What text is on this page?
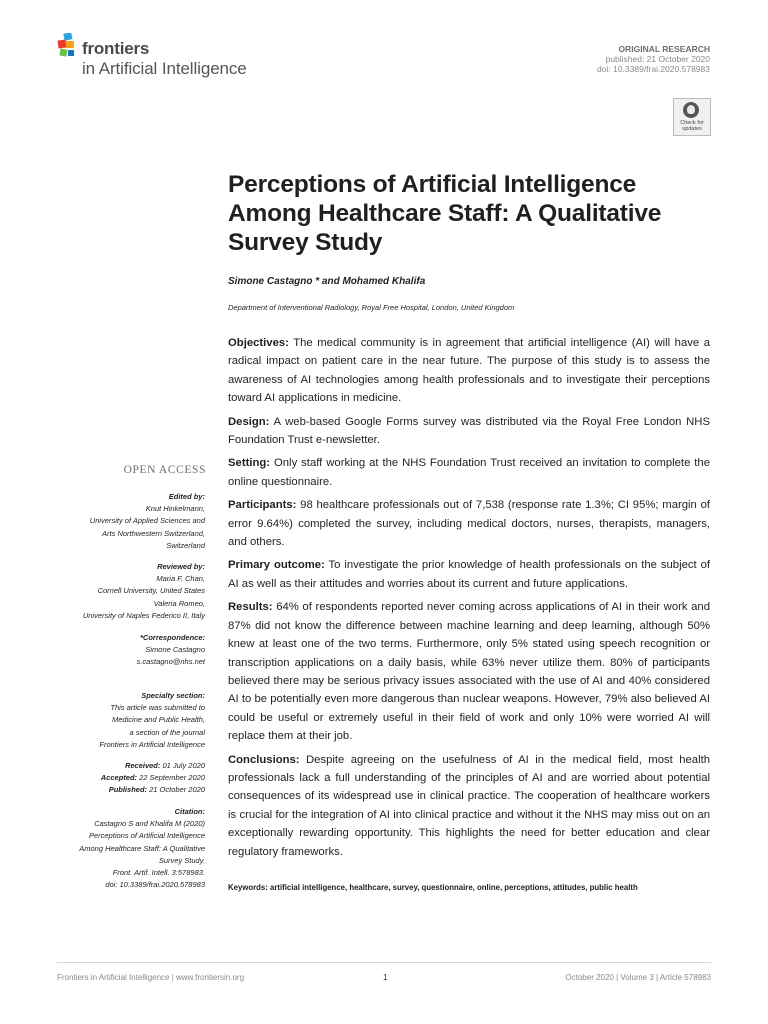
frontiers
in Artificial Intelligence
ORIGINAL RESEARCH
published: 21 October 2020
doi: 10.3389/frai.2020.578983
Check for
updates
Perceptions of Artificial Intelligence Among Healthcare Staff: A Qualitative Survey Study
Simone Castagno * and Mohamed Khalifa
Department of Interventional Radiology, Royal Free Hospital, London, United Kingdom

Objectives: The medical community is in agreement that artificial intelligence (AI) will have a radical impact on patient care in the near future. The purpose of this study is to assess the awareness of AI technologies among health professionals and to investigate their perceptions toward AI applications in medicine.

Design: A web-based Google Forms survey was distributed via the Royal Free London NHS Foundation Trust e-newsletter.

Setting: Only staff working at the NHS Foundation Trust received an invitation to complete the online questionnaire.

Participants: 98 healthcare professionals out of 7,538 (response rate 1.3%; CI 95%; margin of error 9.64%) completed the survey, including medical doctors, nurses, therapists, managers, and others.

Primary outcome: To investigate the prior knowledge of health professionals on the subject of AI as well as their attitudes and worries about its current and future applications.

Results: 64% of respondents reported never coming across applications of AI in their work and 87% did not know the difference between machine learning and deep learning, although 50% knew at least one of the two terms. Furthermore, only 5% stated using speech recognition or transcription applications on a daily basis, while 63% never utilize them. 80% of participants believed there may be serious privacy issues associated with the use of AI and 40% considered AI to be potentially even more dangerous than nuclear weapons. However, 79% also believed AI could be useful or extremely useful in their field of work and only 10% were worried AI will replace them at their job.

Conclusions: Despite agreeing on the usefulness of AI in the medical field, most health professionals lack a full understanding of the principles of AI and are worried about potential consequences of its widespread use in clinical practice. The cooperation of healthcare workers is crucial for the integration of AI into clinical practice and without it the NHS may miss out on an exceptionally rewarding opportunity. This highlights the need for better education and clear regulatory frameworks.

Keywords: artificial intelligence, healthcare, survey, questionnaire, online, perceptions, attitudes, public health
OPEN ACCESS
Edited by:
Knut Hinkelmann,
University of Applied Sciences and
Arts Northwestern Switzerland,
Switzerland
Reviewed by:
Maria F. Chan,
Cornell University, United States
Valeria Romeo,
University of Naples Federico II, Italy
*Correspondence:
Simone Castagno
s.castagno@nhs.net
Specialty section:
This article was submitted to
Medicine and Public Health,
a section of the journal
Frontiers in Artificial Intelligence
Received: 01 July 2020
Accepted: 22 September 2020
Published: 21 October 2020
Citation:
Castagno S and Khalifa M (2020)
Perceptions of Artificial Intelligence
Among Healthcare Staff: A Qualitative
Survey Study.
Front. Artif. Intell. 3:578983.
doi: 10.3389/frai.2020.578983
Frontiers in Artificial Intelligence | www.frontiersin.org	1	October 2020 | Volume 3 | Article 578983
